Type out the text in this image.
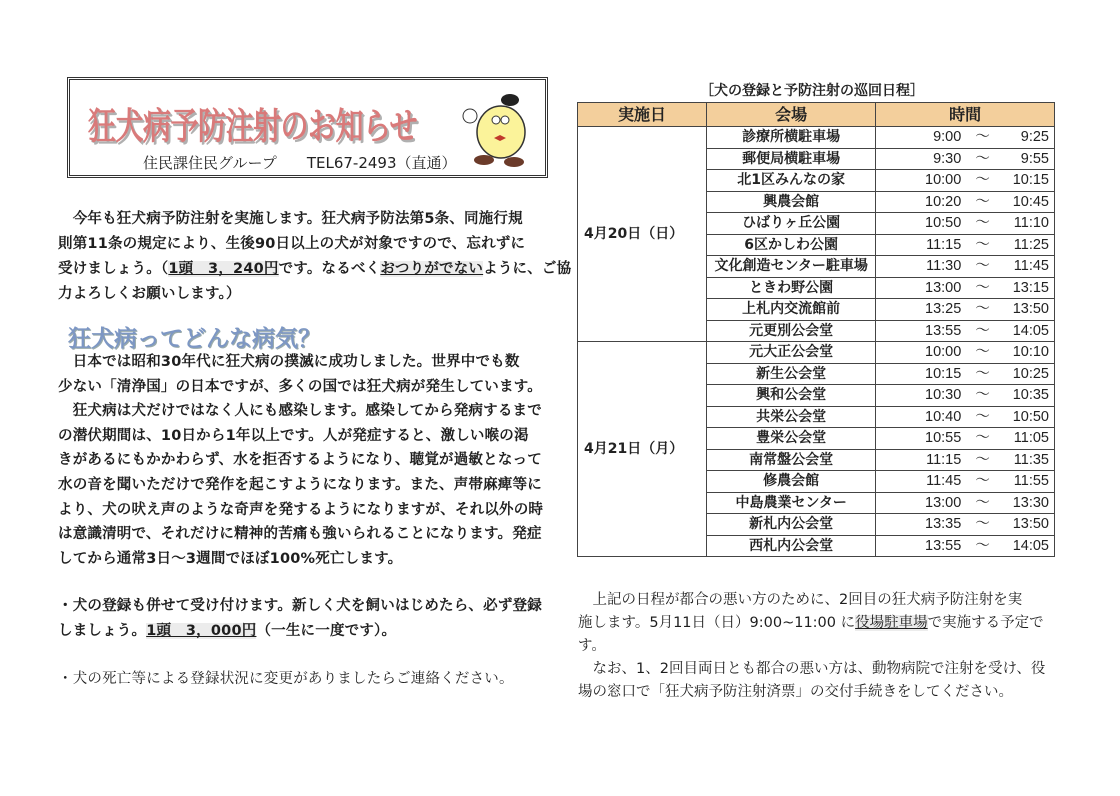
狂犬病予防注射のお知らせ
住民課住民グループ　　 TEL67-2493（直通）
　今年も狂犬病予防注射を実施します。狂犬病予防法第5条、同施行規
則第11条の規定により、生後90日以上の犬が対象ですので、忘れずに
受けましょう。（1頭　3，240円です。なるべくおつりがでないように、ご協
力よろしくお願いします。）
狂犬病ってどんな病気？
　日本では昭和30年代に狂犬病の撲滅に成功しました。世界中でも数
少ない「清浄国」の日本ですが、多くの国では狂犬病が発生しています。
　狂犬病は犬だけではなく人にも感染します。感染してから発病するまで
の潜伏期間は、10日から1年以上です。人が発症すると、激しい喉の渇
きがあるにもかかわらず、水を拒否するようになり、聴覚が過敏となって
水の音を聞いただけで発作を起こすようになります。また、声帯麻痺等に
より、犬の吠え声のような奇声を発するようになりますが、それ以外の時
は意識清明で、それだけに精神的苦痛も強いられることになります。発症
してから通常3日～3週間でほぼ100%死亡します。
・犬の登録も併せて受け付けます。新しく犬を飼いはじめたら、必ず登録
しましょう。1頭　3，000円（一生に一度です）。
・犬の死亡等による登録状況に変更がありましたらご連絡ください。
［犬の登録と予防注射の巡回日程］
実施日	会場	時間
4月20日（日）	診療所横駐車場	9:00 ～ 9:25

	郵便局横駐車場	9:30 ～ 9:55

	北1区みんなの家	10:00 ～ 10:15

	興農会館	10:20 ～ 10:45

	ひばりヶ丘公園	10:50 ～ 11:10

	6区かしわ公園	11:15 ～ 11:25

	文化創造センター駐車場	11:30 ～ 11:45

	ときわ野公園	13:00 ～ 13:15

	上札内交流館前	13:25 ～ 13:50

	元更別公会堂	13:55 ～ 14:05

4月21日（月）	元大正公会堂	10:00 ～ 10:10

	新生公会堂	10:15 ～ 10:25

	興和公会堂	10:30 ～ 10:35

	共栄公会堂	10:40 ～ 10:50

	豊栄公会堂	10:55 ～ 11:05

	南常盤公会堂	11:15 ～ 11:35

	修農会館	11:45 ～ 11:55

	中島農業センター	13:00 ～ 13:30

	新札内公会堂	13:35 ～ 13:50

	西札内公会堂	13:55 ～ 14:05
　上記の日程が都合の悪い方のために、2回目の狂犬病予防注射を実
施します。5月11日（日）9:00~11:00 に役場駐車場で実施する予定で
す。
　なお、1、2回目両日とも都合の悪い方は、動物病院で注射を受け、役
場の窓口で「狂犬病予防注射済票」の交付手続きをしてください。
